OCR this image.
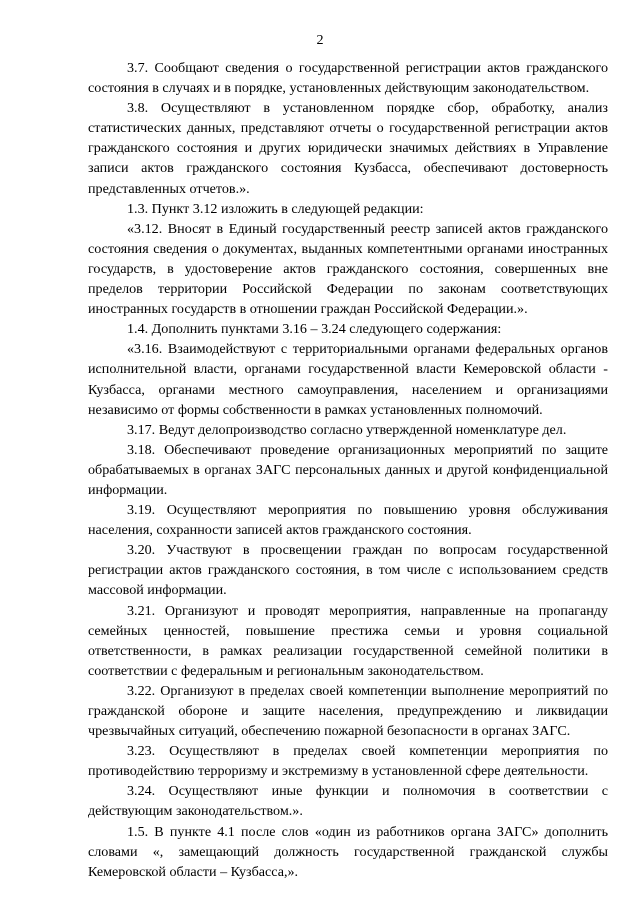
2

3.7. Сообщают сведения о государственной регистрации актов гражданского состояния в случаях и в порядке, установленных действующим законодательством.

3.8. Осуществляют в установленном порядке сбор, обработку, анализ статистических данных, представляют отчеты о государственной регистрации актов гражданского состояния и других юридически значимых действиях в Управление записи актов гражданского состояния Кузбасса, обеспечивают достоверность представленных отчетов.».

1.3. Пункт 3.12 изложить в следующей редакции:

«3.12. Вносят в Единый государственный реестр записей актов гражданского состояния сведения о документах, выданных компетентными органами иностранных государств, в удостоверение актов гражданского состояния, совершенных вне пределов территории Российской Федерации по законам соответствующих иностранных государств в отношении граждан Российской Федерации.».

1.4. Дополнить пунктами 3.16 – 3.24 следующего содержания:

«3.16. Взаимодействуют с территориальными органами федеральных органов исполнительной власти, органами государственной власти Кемеровской области - Кузбасса, органами местного самоуправления, населением и организациями независимо от формы собственности в рамках установленных полномочий.

3.17. Ведут делопроизводство согласно утвержденной номенклатуре дел.

3.18. Обеспечивают проведение организационных мероприятий по защите обрабатываемых в органах ЗАГС персональных данных и другой конфиденциальной информации.

3.19. Осуществляют мероприятия по повышению уровня обслуживания населения, сохранности записей актов гражданского состояния.

3.20. Участвуют в просвещении граждан по вопросам государственной регистрации актов гражданского состояния, в том числе с использованием средств массовой информации.

3.21. Организуют и проводят мероприятия, направленные на пропаганду семейных ценностей, повышение престижа семьи и уровня социальной ответственности, в рамках реализации государственной семейной политики в соответствии с федеральным и региональным законодательством.

3.22. Организуют в пределах своей компетенции выполнение мероприятий по гражданской обороне и защите населения, предупреждению и ликвидации чрезвычайных ситуаций, обеспечению пожарной безопасности в органах ЗАГС.

3.23. Осуществляют в пределах своей компетенции мероприятия по противодействию терроризму и экстремизму в установленной сфере деятельности.

3.24. Осуществляют иные функции и полномочия в соответствии с действующим законодательством.».

1.5. В пункте 4.1 после слов «один из работников органа ЗАГС» дополнить словами «, замещающий должность государственной гражданской службы Кемеровской области – Кузбасса,».
